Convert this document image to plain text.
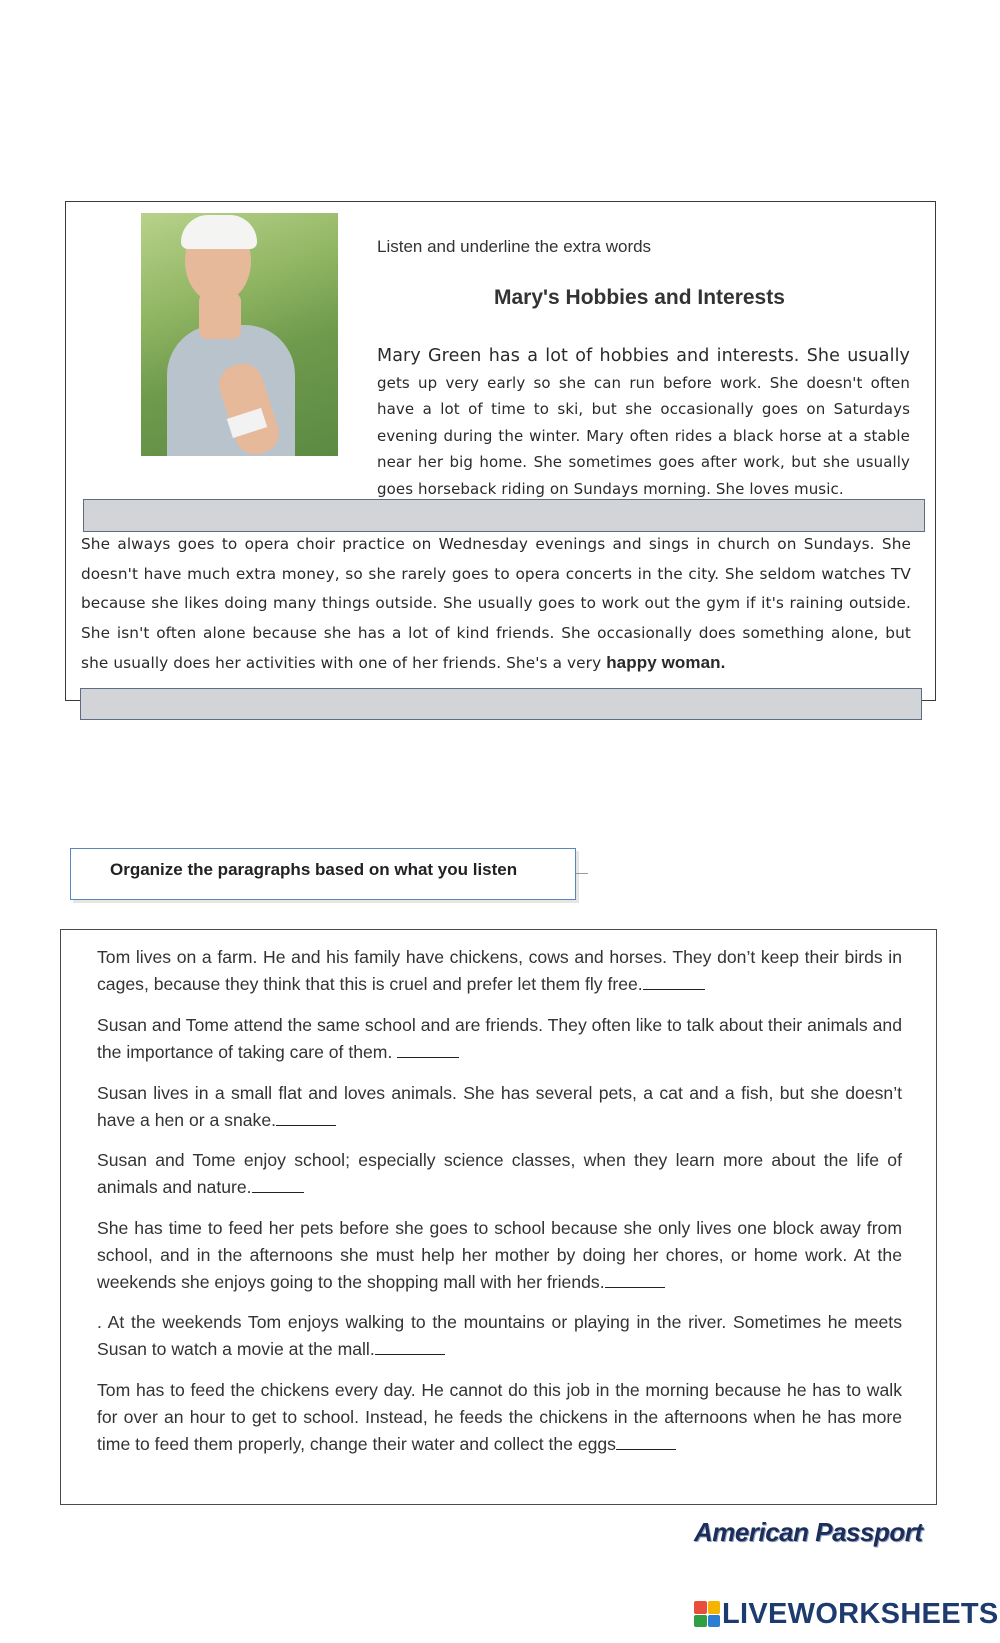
Listen and underline the extra words
Mary's Hobbies and Interests
Mary Green has a lot of hobbies and interests. She usually gets up very early so she can run before work. She doesn't often have a lot of time to ski, but she occasionally goes on Saturdays evening during the winter. Mary often rides a black horse at a stable near her big home. She sometimes goes after work, but she usually goes horseback riding on Sundays morning. She loves music.
She always goes to opera choir practice on Wednesday evenings and sings in church on Sundays. She doesn't have much extra money, so she rarely goes to opera concerts in the city. She seldom watches TV because she likes doing many things outside. She usually goes to work out the gym if it's raining outside. She isn't often alone because she has a lot of kind friends. She occasionally does something alone, but she usually does her activities with one of her friends. She's a very happy woman.
Organize the paragraphs based on what you listen
Tom lives on a farm. He and his family have chickens, cows and horses. They don’t keep their birds in cages, because they think that this is cruel and prefer let them fly free.
Susan and Tome attend the same school and are friends. They often like to talk about their animals and the importance of taking care of them.
Susan lives in a small flat and loves animals. She has several pets, a cat and a fish, but she doesn’t have a hen or a snake.
Susan and Tome enjoy school; especially science classes, when they learn more about the life of animals and nature.
She has time to feed her pets before she goes to school because she only lives one block away from school, and in the afternoons she must help her mother by doing her chores, or home work. At the weekends she enjoys going to the shopping mall with her friends.
. At the weekends Tom enjoys walking to the mountains or playing in the river. Sometimes he meets Susan to watch a movie at the mall.
Tom has to feed the chickens every day. He cannot do this job in the morning because he has to walk for over an hour to get to school. Instead, he feeds the chickens in the afternoons when he has more time to feed them properly, change their water and collect the eggs
American Passport
LIVEWORKSHEETS
